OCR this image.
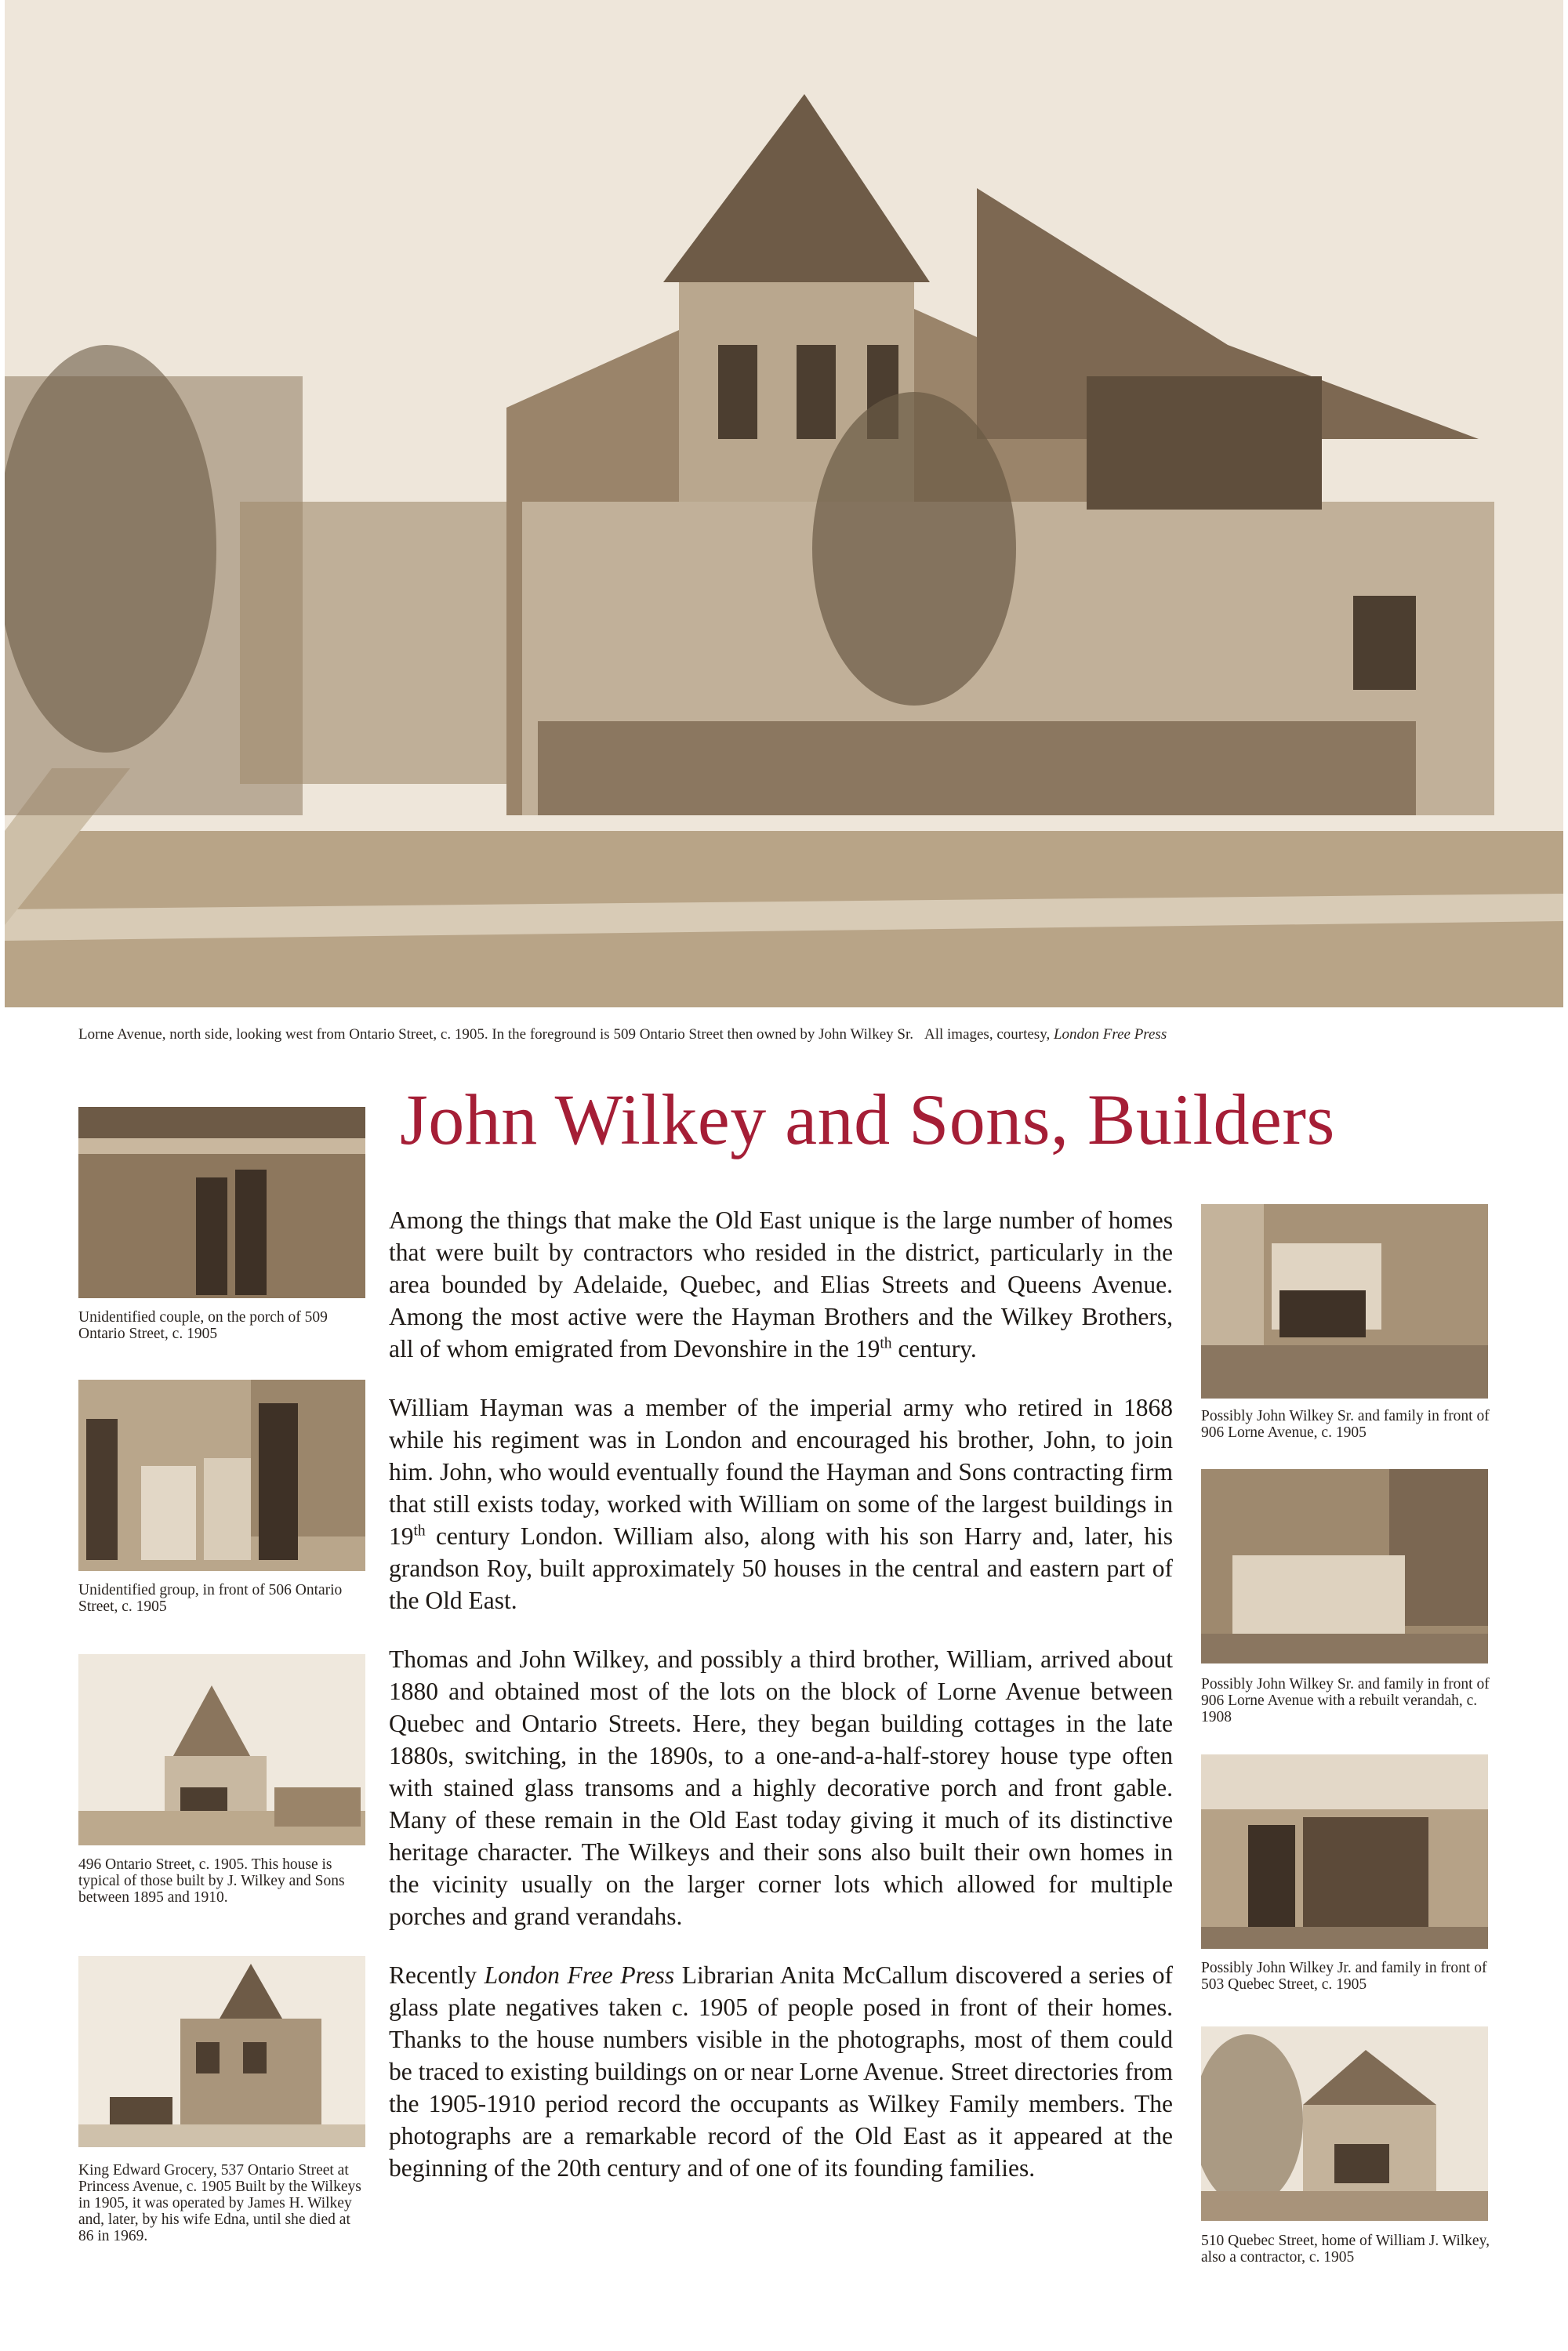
Lorne Avenue, north side, looking west from Ontario Street, c. 1905. In the foreground is 509 Ontario Street then owned by John Wilkey Sr. All images, courtesy, London Free Press
John Wilkey and Sons, Builders
Unidentified couple, on the porch of 509 Ontario Street, c. 1905
Unidentified group, in front of 506 Ontario Street, c. 1905
496 Ontario Street, c. 1905. This house is typical of those built by J. Wilkey and Sons between 1895 and 1910.
King Edward Grocery, 537 Ontario Street at Princess Avenue, c. 1905 Built by the Wilkeys in 1905, it was operated by James H. Wilkey and, later, by his wife Edna, until she died at 86 in 1969.
Possibly John Wilkey Sr. and family in front of 906 Lorne Avenue, c. 1905
Possibly John Wilkey Sr. and family in front of 906 Lorne Avenue with a rebuilt verandah, c. 1908
Possibly John Wilkey Jr. and family in front of 503 Quebec Street, c. 1905
510 Quebec Street, home of William J. Wilkey, also a contractor, c. 1905

Among the things that make the Old East unique is the large number of homes that were built by contractors who resided in the district, particularly in the area bounded by Adelaide, Quebec, and Elias Streets and Queens Avenue. Among the most active were the Hayman Brothers and the Wilkey Brothers, all of whom emigrated from Devonshire in the 19th century.

William Hayman was a member of the imperial army who retired in 1868 while his regiment was in London and encouraged his brother, John, to join him. John, who would eventually found the Hayman and Sons contracting firm that still exists today, worked with William on some of the largest buildings in 19th century London. William also, along with his son Harry and, later, his grandson Roy, built approximately 50 houses in the central and eastern part of the Old East.

Thomas and John Wilkey, and possibly a third brother, William, arrived about 1880 and obtained most of the lots on the block of Lorne Avenue between Quebec and Ontario Streets. Here, they began building cottages in the late 1880s, switching, in the 1890s, to a one-and-a-half-storey house type often with stained glass transoms and a highly decorative porch and front gable. Many of these remain in the Old East today giving it much of its distinctive heritage character. The Wilkeys and their sons also built their own homes in the vicinity usually on the larger corner lots which allowed for multiple porches and grand verandahs.

Recently London Free Press Librarian Anita McCallum discovered a series of glass plate negatives taken c. 1905 of people posed in front of their homes. Thanks to the house numbers visible in the photographs, most of them could be traced to existing buildings on or near Lorne Avenue. Street directories from the 1905-1910 period record the occupants as Wilkey Family members. The photographs are a remarkable record of the Old East as it appeared at the beginning of the 20th century and of one of its founding families.
